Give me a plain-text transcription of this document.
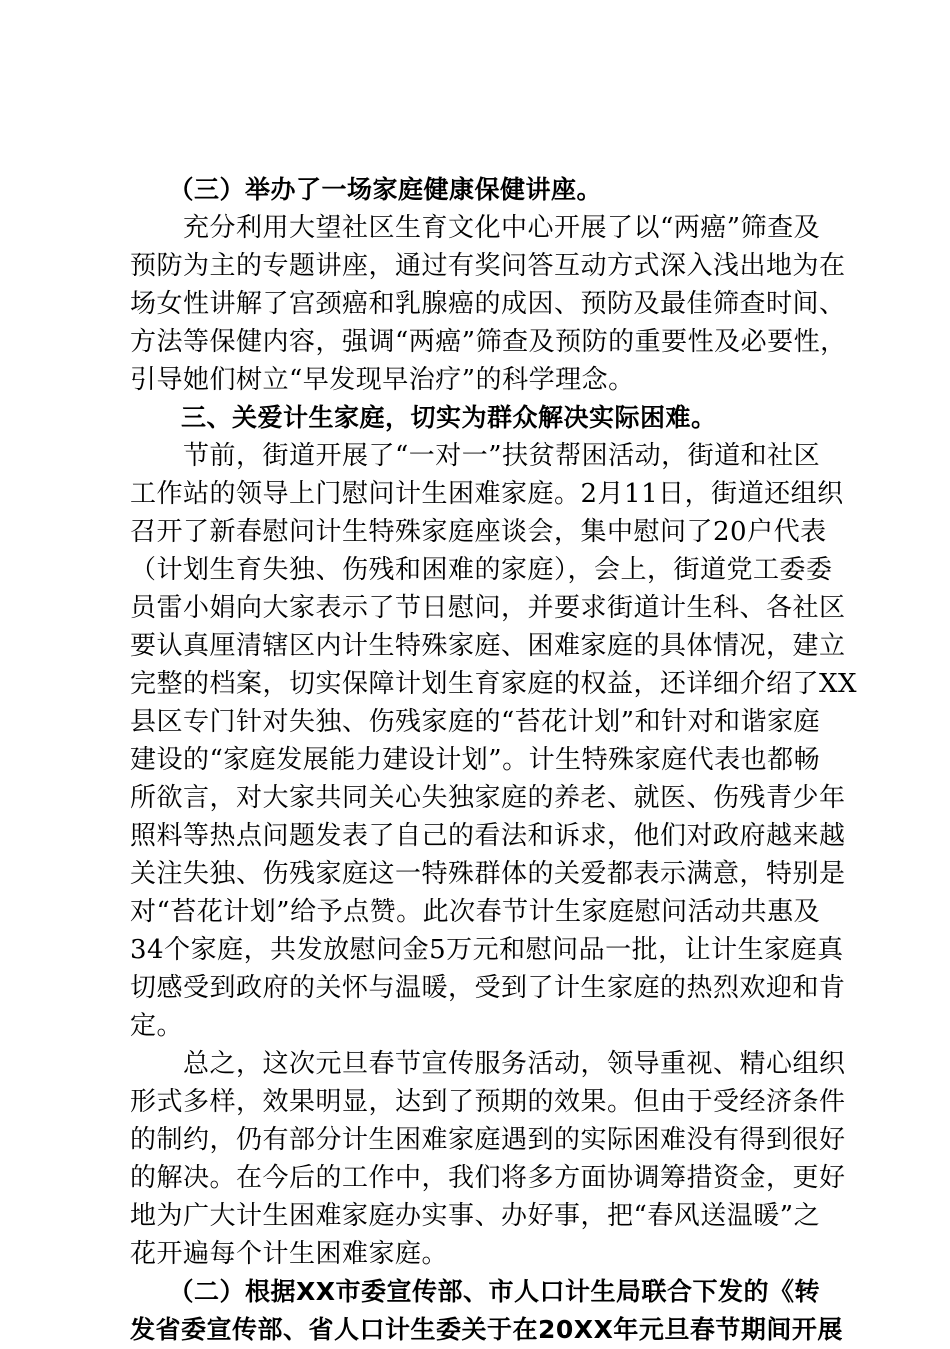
　　（三）举办了一场家庭健康保健讲座。
　　充分利用大望社区生育文化中心开展了以“两癌”筛查及
预防为主的专题讲座，通过有奖问答互动方式深入浅出地为在
场女性讲解了宫颈癌和乳腺癌的成因、预防及最佳筛查时间、
方法等保健内容，强调“两癌”筛查及预防的重要性及必要性，
引导她们树立“早发现早治疗”的科学理念。
　　三、关爱计生家庭，切实为群众解决实际困难。
　　节前，街道开展了“一对一”扶贫帮困活动，街道和社区
工作站的领导上门慰问计生困难家庭。2月11日，街道还组织
召开了新春慰问计生特殊家庭座谈会，集中慰问了20户代表
（计划生育失独、伤残和困难的家庭），会上，街道党工委委
员雷小娟向大家表示了节日慰问，并要求街道计生科、各社区
要认真厘清辖区内计生特殊家庭、困难家庭的具体情况，建立
完整的档案，切实保障计划生育家庭的权益，还详细介绍了XX
县区专门针对失独、伤残家庭的“苔花计划”和针对和谐家庭
建设的“家庭发展能力建设计划”。计生特殊家庭代表也都畅
所欲言，对大家共同关心失独家庭的养老、就医、伤残青少年
照料等热点问题发表了自己的看法和诉求，他们对政府越来越
关注失独、伤残家庭这一特殊群体的关爱都表示满意，特别是
对“苔花计划”给予点赞。此次春节计生家庭慰问活动共惠及
34个家庭，共发放慰问金5万元和慰问品一批，让计生家庭真
切感受到政府的关怀与温暖，受到了计生家庭的热烈欢迎和肯
定。
　　总之，这次元旦春节宣传服务活动，领导重视、精心组织
形式多样，效果明显，达到了预期的效果。但由于受经济条件
的制约，仍有部分计生困难家庭遇到的实际困难没有得到很好
的解决。在今后的工作中，我们将多方面协调筹措资金，更好
地为广大计生困难家庭办实事、办好事，把“春风送温暖”之
花开遍每个计生困难家庭。
　　（二）根据XX市委宣传部、市人口计生局联合下发的《转
发省委宣传部、省人口计生委关于在20XX年元旦春节期间开展
